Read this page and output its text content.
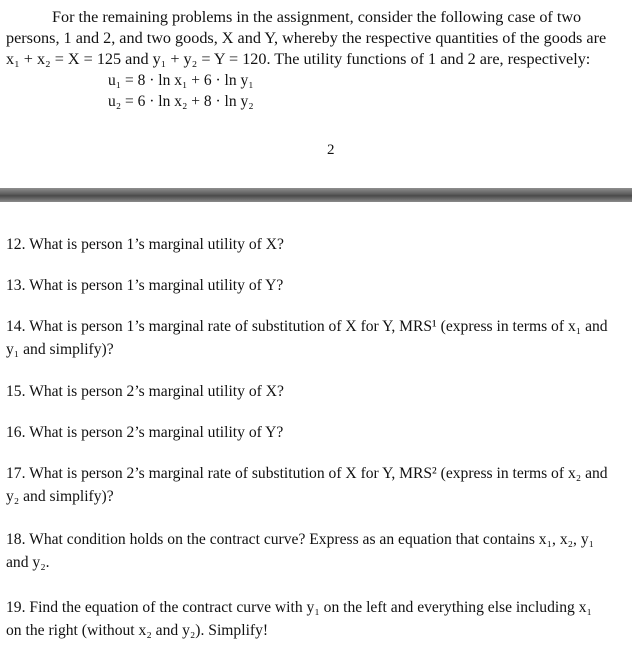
For the remaining problems in the assignment, consider the following case of two
persons, 1 and 2, and two goods, X and Y, whereby the respective quantities of the goods are
x₁ + x₂ = X = 125 and y₁ + y₂ = Y = 120. The utility functions of 1 and 2 are, respectively:
u₁ = 8 · ln x₁ + 6 · ln y₁
u₂ = 6 · ln x₂ + 8 · ln y₂
2
12. What is person 1’s marginal utility of X?
13. What is person 1’s marginal utility of Y?
14. What is person 1’s marginal rate of substitution of X for Y, MRS¹ (express in terms of x₁ and
y₁ and simplify)?
15. What is person 2’s marginal utility of X?
16. What is person 2’s marginal utility of Y?
17. What is person 2’s marginal rate of substitution of X for Y, MRS² (express in terms of x₂ and
y₂ and simplify)?
18. What condition holds on the contract curve? Express as an equation that contains x₁, x₂, y₁
and y₂.
19. Find the equation of the contract curve with y₁ on the left and everything else including x₁
on the right (without x₂ and y₂). Simplify!
